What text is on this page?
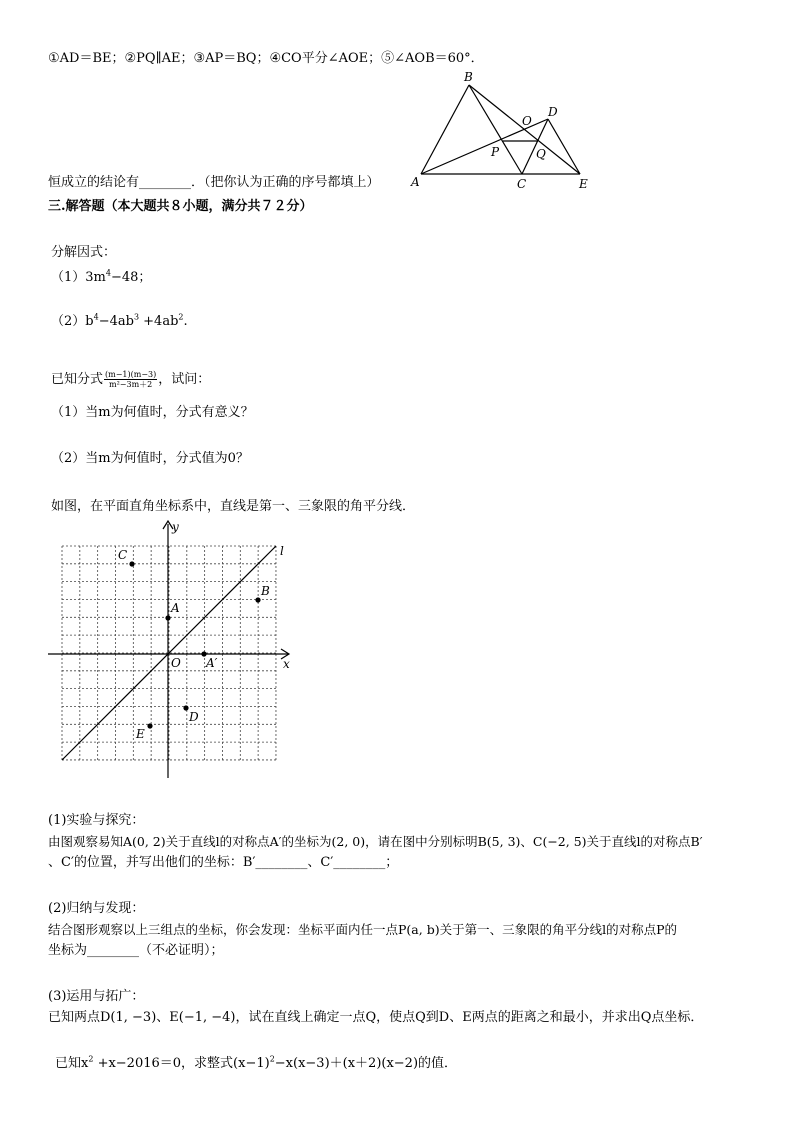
①AD＝BE；②PQ∥AE；③AP＝BQ；④CO平分∠AOE；⑤∠AOB＝60°．
B
D
O
P	Q
A	C	E
恒成立的结论有________．（把你认为正确的序号都填上）
三.解答题（本大题共８小题，满分共７２分）
分解因式：
$(1)3m^4-48$；
$(2)b^4-4ab^3 +4ab^2$.
已知分式 $\frac{(m-1)(m-3)}{\text{m²−3m＋2}}$ ，试问：
（1）当m为何值时，分式有意义？
（2）当m为何值时，分式值为0？
如图，在平面直角坐标系中，直线是第一、三象限的角平分线．
y
x
l
O
A
A′
B
C
D
E
(1)实验与探究：
由图观察易知A(0, 2)关于直线l的对称点A′的坐标为(2, 0)，请在图中分别标明B(5, 3)、C(−2, 5)关于直线l的对称点B′
、C′的位置，并写出他们的坐标：B′________、C′________；
(2)归纳与发现：
结合图形观察以上三组点的坐标，你会发现：坐标平面内任一点P(a, b)关于第一、三象限的角平分线l的对称点P的
坐标为________（不必证明）；
(3)运用与拓广：
已知两点D(1, −3)、E(−1, −4)，试在直线上确定一点Q，使点Q到D、E两点的距离之和最小，并求出Q点坐标．
已知$x^2 +x-2016=0$，求整式$(x-1)^2-x(x-3)+(x+2)(x-2)$的值．
